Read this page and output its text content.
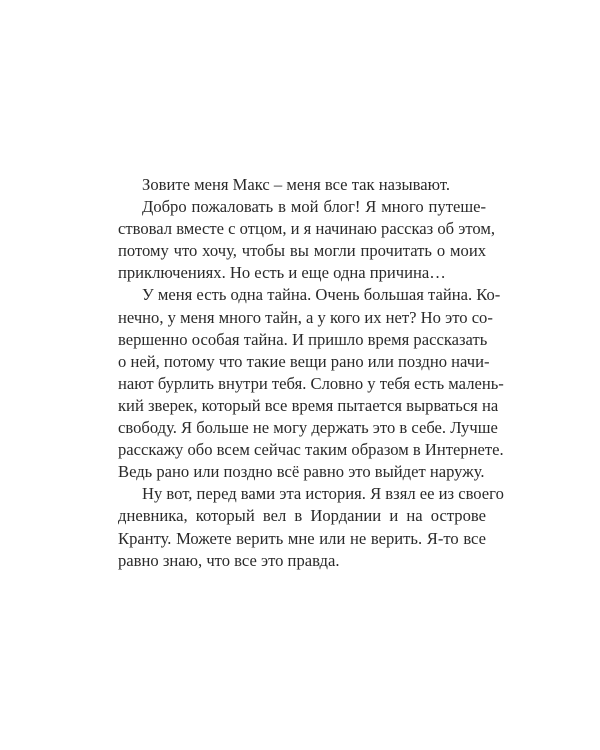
Зовите меня Макс – меня все так называют.
Добро пожаловать в мой блог! Я много путеше-
ствовал вместе с отцом, и я начинаю рассказ об этом,
потому что хочу, чтобы вы могли прочитать о моих
приключениях. Но есть и еще одна причина…
У меня есть одна тайна. Очень большая тайна. Ко-
нечно, у меня много тайн, а у кого их нет? Но это со-
вершенно особая тайна. И пришло время рассказать
о ней, потому что такие вещи рано или поздно начи-
нают бурлить внутри тебя. Словно у тебя есть малень-
кий зверек, который все время пытается вырваться на
свободу. Я больше не могу держать это в себе. Лучше
расскажу обо всем сейчас таким образом в Интернете.
Ведь рано или поздно всё равно это выйдет наружу.
Ну вот, перед вами эта история. Я взял ее из своего
дневника, который вел в Иордании и на острове
Кранту. Можете верить мне или не верить. Я-то все
равно знаю, что все это правда.
